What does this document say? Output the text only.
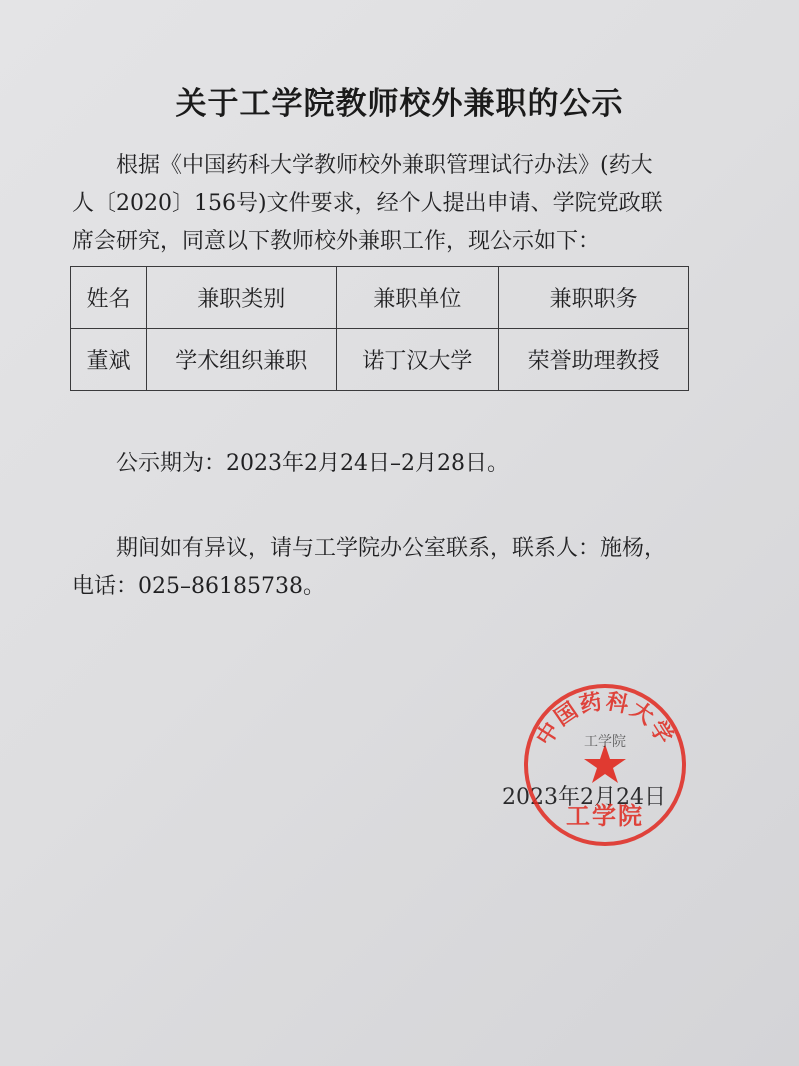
关于工学院教师校外兼职的公示

根据《中国药科大学教师校外兼职管理试行办法》(药大
人〔2020〕156号)文件要求，经个人提出申请、学院党政联
席会研究，同意以下教师校外兼职工作，现公示如下：

姓名	兼职类别	兼职单位	兼职职务
董斌	学术组织兼职	诺丁汉大学	荣誉助理教授

公示期为：2023年2月24日–2月28日。

期间如有异议，请与工学院办公室联系，联系人：施杨，
电话：025–86185738。

2023年2月24日
中国药科大学
工学院
工学院
